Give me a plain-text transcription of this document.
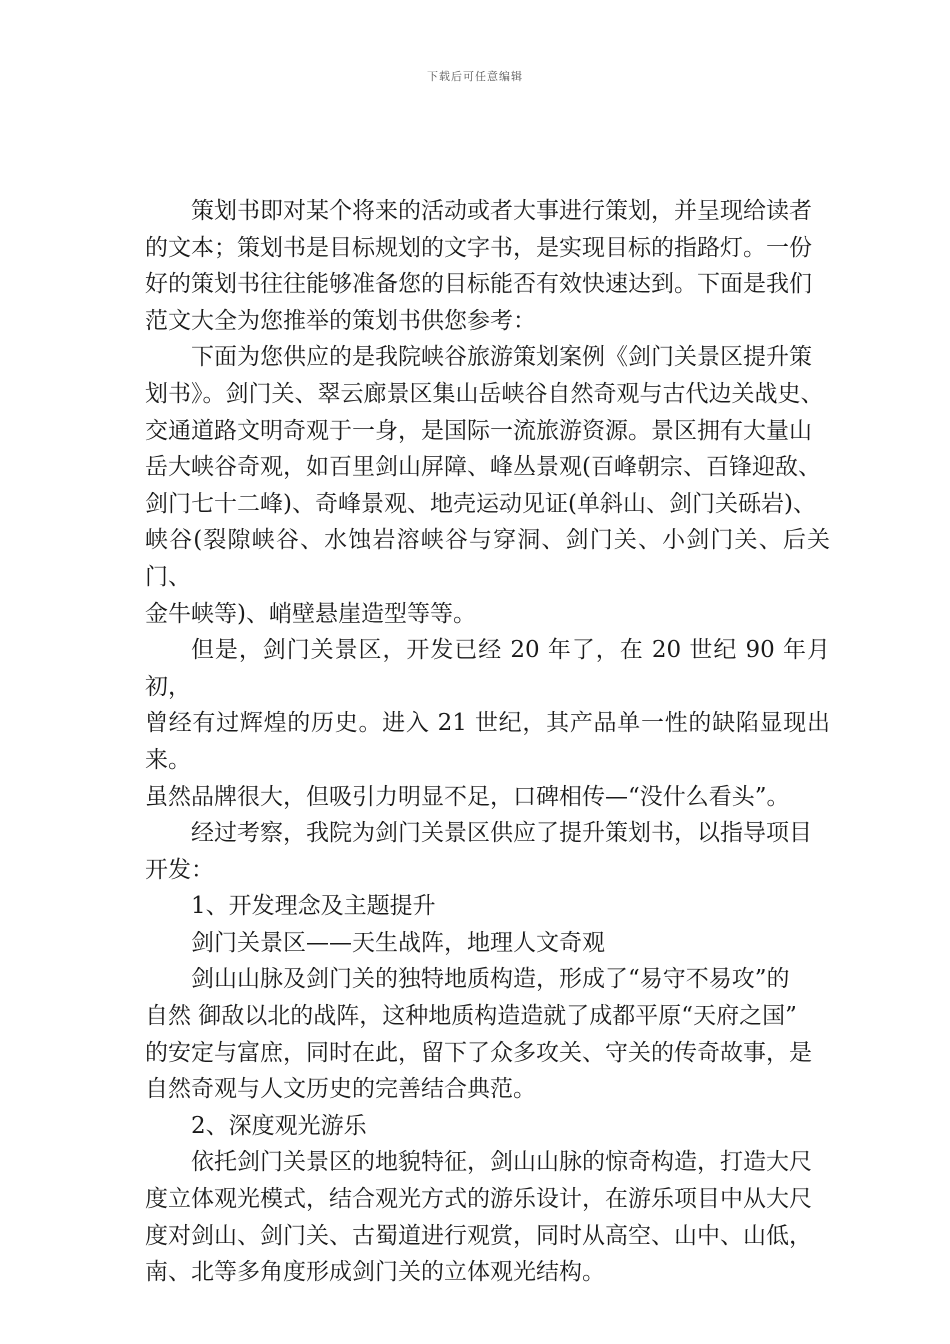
下载后可任意编辑

策划书即对某个将来的活动或者大事进行策划，并呈现给读者
的文本；策划书是目标规划的文字书，是实现目标的指路灯。一份
好的策划书往往能够准备您的目标能否有效快速达到。下面是我们
范文大全为您推举的策划书供您参考：

下面为您供应的是我院峡谷旅游策划案例《剑门关景区提升策
划书》。剑门关、翠云廊景区集山岳峡谷自然奇观与古代边关战史、
交通道路文明奇观于一身，是国际一流旅游资源。景区拥有大量山
岳大峡谷奇观，如百里剑山屏障、峰丛景观(百峰朝宗、百锋迎敌、
剑门七十二峰)、奇峰景观、地壳运动见证(单斜山、剑门关砾岩)、
峡谷(裂隙峡谷、水蚀岩溶峡谷与穿洞、剑门关、小剑门关、后关门、
金牛峡等)、峭壁悬崖造型等等。

但是，剑门关景区，开发已经 20 年了，在 20 世纪 90 年月初，
曾经有过辉煌的历史。进入 21 世纪，其产品单一性的缺陷显现出来。
虽然品牌很大，但吸引力明显不足，口碑相传—“没什么看头”。

经过考察，我院为剑门关景区供应了提升策划书，以指导项目
开发：

1、开发理念及主题提升

剑门关景区——天生战阵，地理人文奇观

剑山山脉及剑门关的独特地质构造，形成了“易守不易攻”的
自然 御敌以北的战阵，这种地质构造造就了成都平原“天府之国”
的安定与富庶，同时在此，留下了众多攻关、守关的传奇故事，是
自然奇观与人文历史的完善结合典范。

2、深度观光游乐

依托剑门关景区的地貌特征，剑山山脉的惊奇构造，打造大尺
度立体观光模式，结合观光方式的游乐设计，在游乐项目中从大尺
度对剑山、剑门关、古蜀道进行观赏，同时从高空、山中、山低，
南、北等多角度形成剑门关的立体观光结构。
